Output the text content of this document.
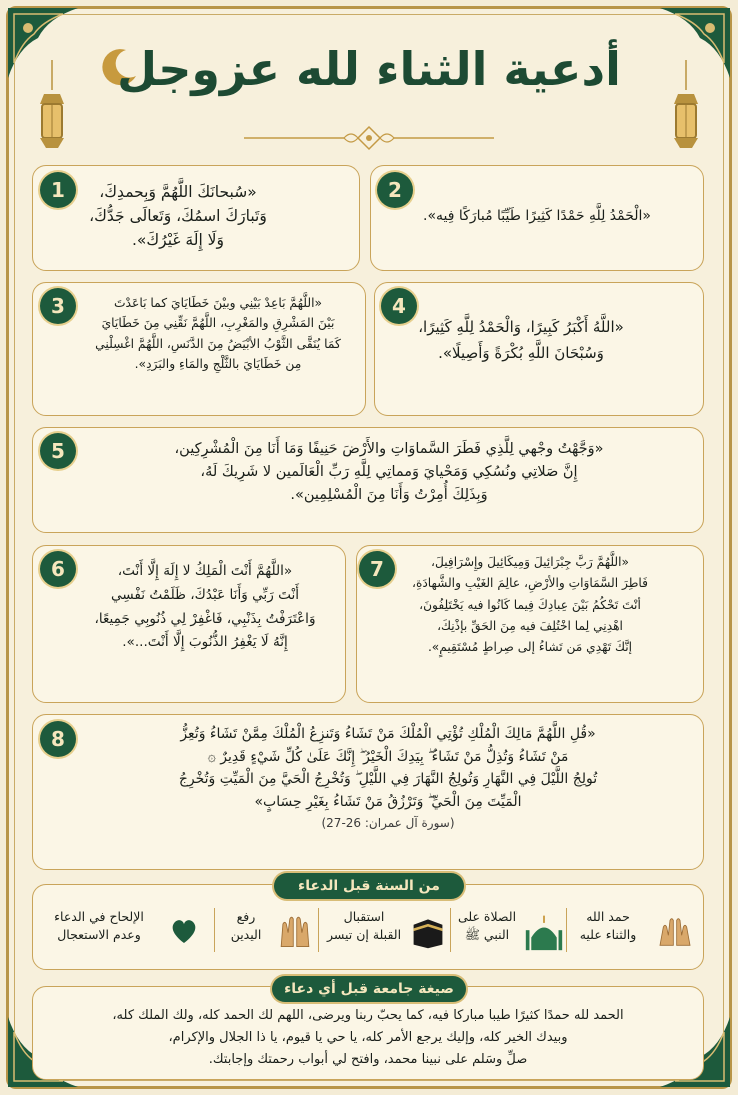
أدعية الثناء لله عزوجل
«سُبحانَكَ اللَّهُمَّ وَبِحمدِكَ،
وَتَبارَكَ اسمُكَ، وَتَعالَى جَدُّكَ،
وَلَا إِلَهَ غَيْرُكَ».
1
«الْحَمْدُ لِلَّهِ حَمْدًا كَثِيرًا طَيِّبًا مُبارَكًا فِيه».
2
«اللَّهُمَّ بَاعِدْ بَيْنِي وبيْنَ خَطَايَايَ كما بَاعَدْتَ
بَيْنَ المَشْرِقِ والمَغْرِبِ، اللَّهُمَّ نَقِّنِي مِنَ خَطَايَايَ
كَمَا يُنَقَّى الثَّوْبُ الأبْيَضُ مِنَ الدَّنَسِ، اللَّهُمَّ اغْسِلْنِي
مِن خَطَايَايَ بالثَّلْجِ والمَاءِ والبَرَدِ».
3
«اللَّهُ أَكْبَرُ كَبِيرًا، وَالْحَمْدُ لِلَّهِ كَثِيرًا،
وَسُبْحَانَ اللَّهِ بُكْرَةً وَأَصِيلًا».
4
«وَجَّهْتُ وجْهي لِلَّذِي فَطَرَ السَّماوَاتِ والأَرْضَ حَنِيفًا وَمَا أَنَا مِنَ الْمُشْرِكِين،
إِنَّ صَلاتِي ونُسُكِي وَمَحْيايَ وَمماتِي لِلَّهِ رَبِّ الْعَالَمين لا شَرِيكَ لَهُ،
وَبِذَلِكَ أُمِرْتُ وَأَنَا مِنَ الْمُسْلِمِين».
5
«اللَّهُمَّ أَنْتَ الْمَلِكُ لا إِلَهَ إِلَّا أَنْتَ،
أَنْتَ رَبِّي وَأَنَا عَبْدُكَ، ظَلَمْتُ نَفْسِي
وَاعْتَرَفْتُ بِذَنْبِي، فَاغْفِرْ لِي ذُنُوبِي جَمِيعًا،
إِنَّهُ لَا يَغْفِرُ الذُّنُوبَ إِلَّا أَنْتَ...».
6	«اللَّهُمَّ رَبَّ جِبْرَائِيلَ وَمِيكَائِيلَ وإِسْرَافِيلَ،
فَاطِرَ السَّمَاوَاتِ والأرْضِ، عالِمَ الغَيْبِ والشَّهادَةِ،
أنْتَ تَحْكُمُ بَيْنَ عِبادِكَ فِيما كَانُوا فيه يَخْتَلِفُونَ،
اهْدِنِي لِما اخْتُلِفَ فيه مِنَ الحَقِّ بإذْنِكَ،
إنَّكَ تَهْدِي مَن تَشاءُ إلى صِراطٍ مُسْتَقِيمٍ».
7
«قُلِ اللَّهُمَّ مَالِكَ الْمُلْكِ تُؤْتِي الْمُلْكَ مَنْ تَشَاءُ وَتَنزِعُ الْمُلْكَ مِمَّنْ تَشَاءُ وَتُعِزُّ
مَنْ تَشَاءُ وَتُذِلُّ مَنْ تَشَاءُ ۖ بِيَدِكَ الْخَيْرُ ۖ إِنَّكَ عَلَىٰ كُلِّ شَيْءٍ قَدِيرٌ ۞
تُولِجُ اللَّيْلَ فِي النَّهَارِ وَتُولِجُ النَّهَارَ فِي اللَّيْلِ ۖ وَتُخْرِجُ الْحَيَّ مِنَ الْمَيِّتِ وَتُخْرِجُ
الْمَيِّتَ مِنَ الْحَيِّ ۖ وَتَرْزُقُ مَنْ تَشَاءُ بِغَيْرِ حِسَابٍ»
(سورة آل عمران: 26-27)
8
من السنة قبل الدعاء
حمد الله
والثناء عليه
الصلاة على
النبي ﷺ
استقبال
القبلة إن تيسر
رفع
اليدين
الإلحاح في الدعاء
وعدم الاستعجال
الحمد لله حمدًا كثيرًا طيبا مباركا فيه، كما يحبّ ربنا ويرضى، اللهم لك الحمد كله، ولك الملك كله،
وبيدك الخير كله، وإليك يرجع الأمر كله، يا حي يا قيوم، يا ذا الجلال والإكرام،
صلِّ وسَلم على نبينا محمد، وافتح لي أبواب رحمتك وإجابتك.
صيغة جامعة قبل أي دعاء
